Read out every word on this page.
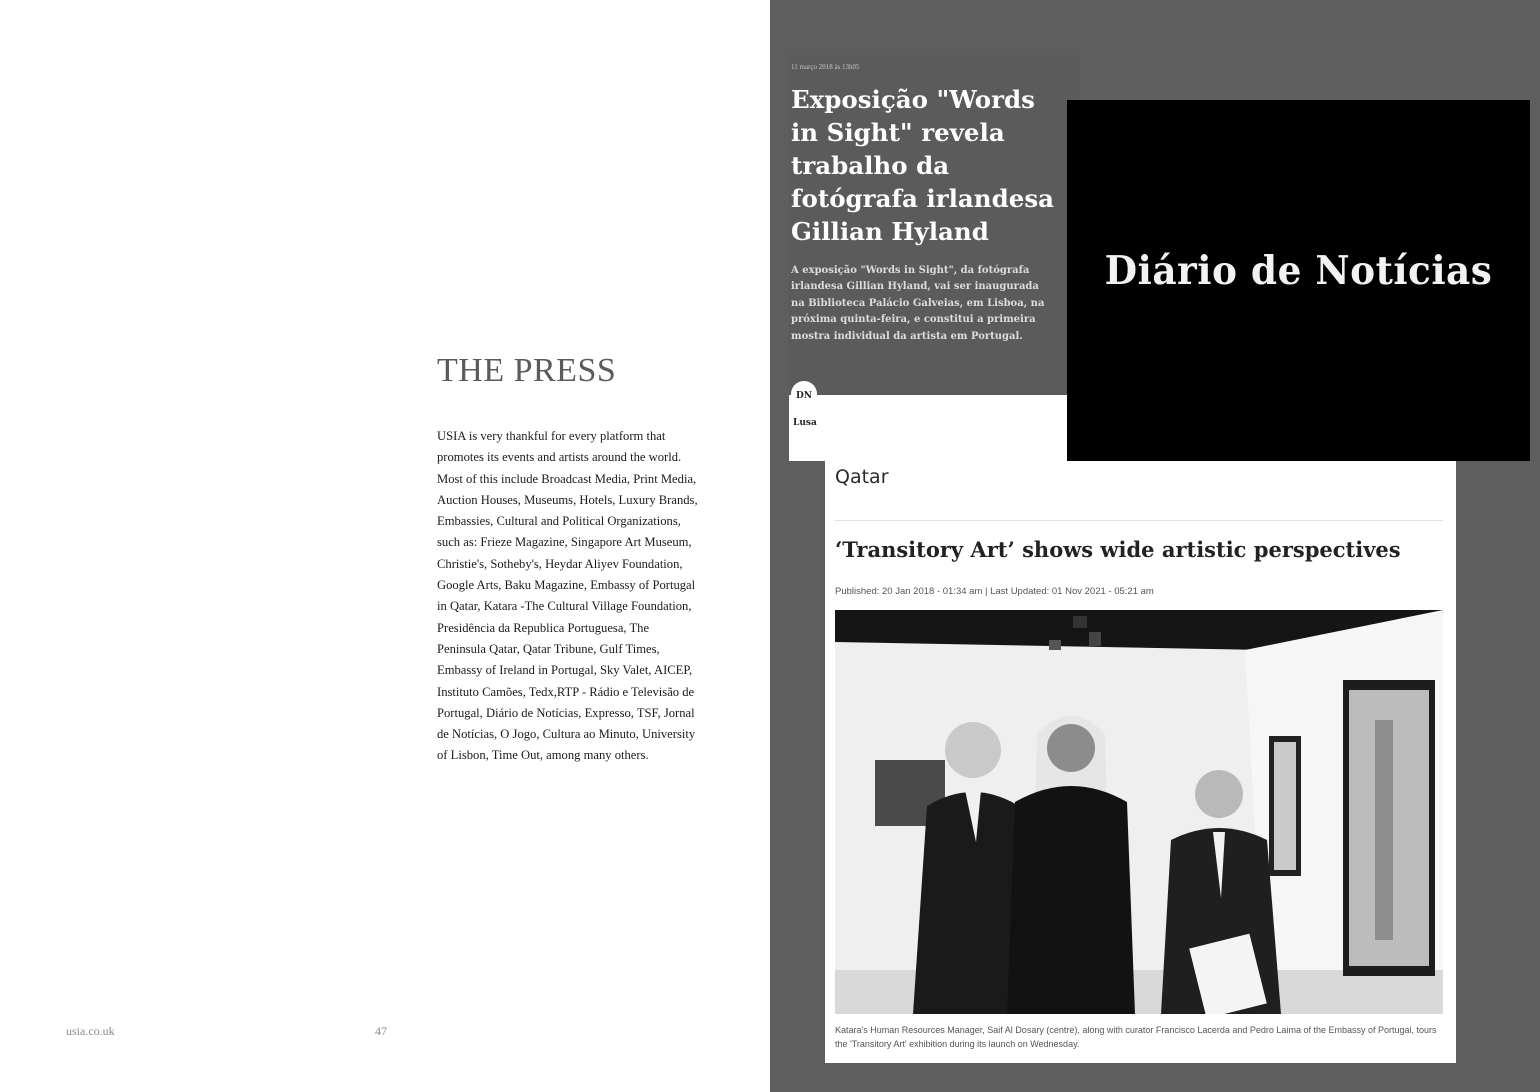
THE PRESS

USIA is very thankful for every platform that promotes its events and artists around the world. Most of this include Broadcast Media, Print Media, Auction Houses, Museums, Hotels, Luxury Brands, Embassies, Cultural and Political Organizations, such as: Frieze Magazine, Singapore Art Museum, Christie's, Sotheby's, Heydar Aliyev Foundation, Google Arts, Baku Magazine, Embassy of Portugal in Qatar, Katara -The Cultural Village Foundation, Presidência da Republica Portuguesa, The Peninsula Qatar, Qatar Tribune, Gulf Times, Embassy of Ireland in Portugal, Sky Valet, AICEP, Instituto Camões, Tedx,RTP - Rádio e Televisão de Portugal, Diário de Notícias, Expresso, TSF, Jornal de Notícias, O Jogo, Cultura ao Minuto, University of Lisbon, Time Out, among many others.

usia.co.uk	47
11 março 2018 às 13h05
Exposição "Words in Sight" revela trabalho da fotógrafa irlandesa Gillian Hyland

A exposição "Words in Sight", da fotógrafa irlandesa Gillian Hyland, vai ser inaugurada na Biblioteca Palácio Galveias, em Lisboa, na próxima quinta-feira, e constitui a primeira mostra individual da artista em Portugal.

DN
Lusa

Diário de Notícias

Qatar
‘Transitory Art’ shows wide artistic perspectives
Published: 20 Jan 2018 - 01:34 am | Last Updated: 01 Nov 2021 - 05:21 am

Katara's Human Resources Manager, Saif Al Dosary (centre), along with curator Francisco Lacerda and Pedro Laima of the Embassy of Portugal, tours the 'Transitory Art' exhibition during its launch on Wednesday.
